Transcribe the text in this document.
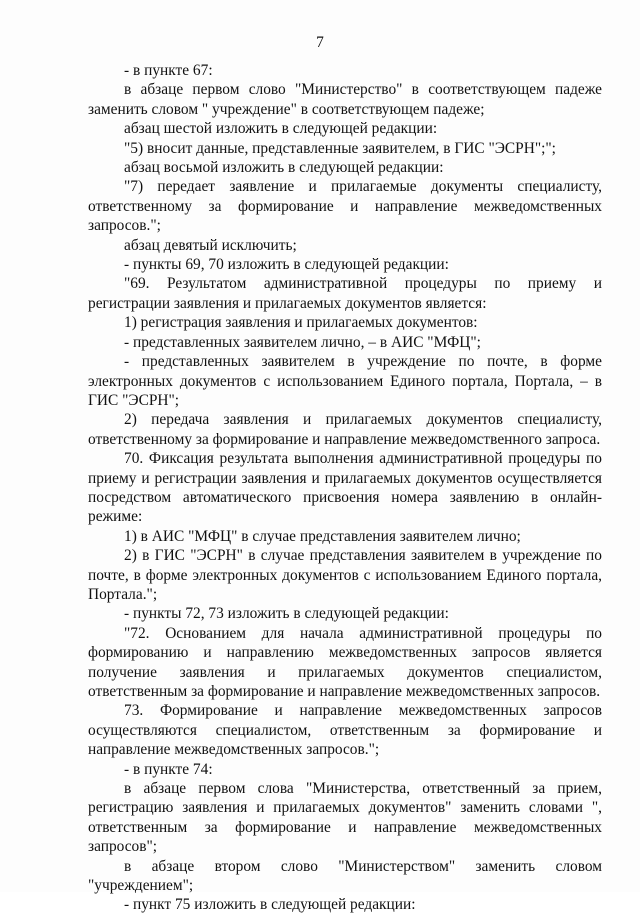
7

- в пункте 67:

в абзаце первом слово "Министерство" в соответствующем падеже заменить словом " учреждение" в соответствующем падеже;

абзац шестой изложить в следующей редакции:

"5) вносит данные, представленные заявителем, в ГИС "ЭСРН";";

абзац восьмой изложить в следующей редакции:

"7) передает заявление и прилагаемые документы специалисту, ответственному за формирование и направление межведомственных запросов.";

абзац девятый исключить;

- пункты 69, 70 изложить в следующей редакции:

"69. Результатом административной процедуры по приему и регистрации заявления и прилагаемых документов является:

1) регистрация заявления и прилагаемых документов:

- представленных заявителем лично, – в АИС "МФЦ";

- представленных заявителем в учреждение по почте, в форме электронных документов с использованием Единого портала, Портала, – в ГИС "ЭСРН";

2) передача заявления и прилагаемых документов специалисту, ответственному за формирование и направление межведомственного запроса.

70. Фиксация результата выполнения административной процедуры по приему и регистрации заявления и прилагаемых документов осуществляется посредством автоматического присвоения номера заявлению в онлайн-режиме:

1) в АИС "МФЦ" в случае представления заявителем лично;

2) в ГИС "ЭСРН" в случае представления заявителем в учреждение по почте, в форме электронных документов с использованием Единого портала, Портала.";

- пункты 72, 73 изложить в следующей редакции:

"72. Основанием для начала административной процедуры по формированию и направлению межведомственных запросов является получение заявления и прилагаемых документов специалистом, ответственным за формирование и направление межведомственных запросов.

73. Формирование и направление межведомственных запросов осуществляются специалистом, ответственным за формирование и направление межведомственных запросов.";

- в пункте 74:

в абзаце первом слова "Министерства, ответственный за прием, регистрацию заявления и прилагаемых документов" заменить словами ", ответственным за формирование и направление межведомственных запросов";

в абзаце втором слово "Министерством" заменить словом "учреждением";

- пункт 75 изложить в следующей редакции:
